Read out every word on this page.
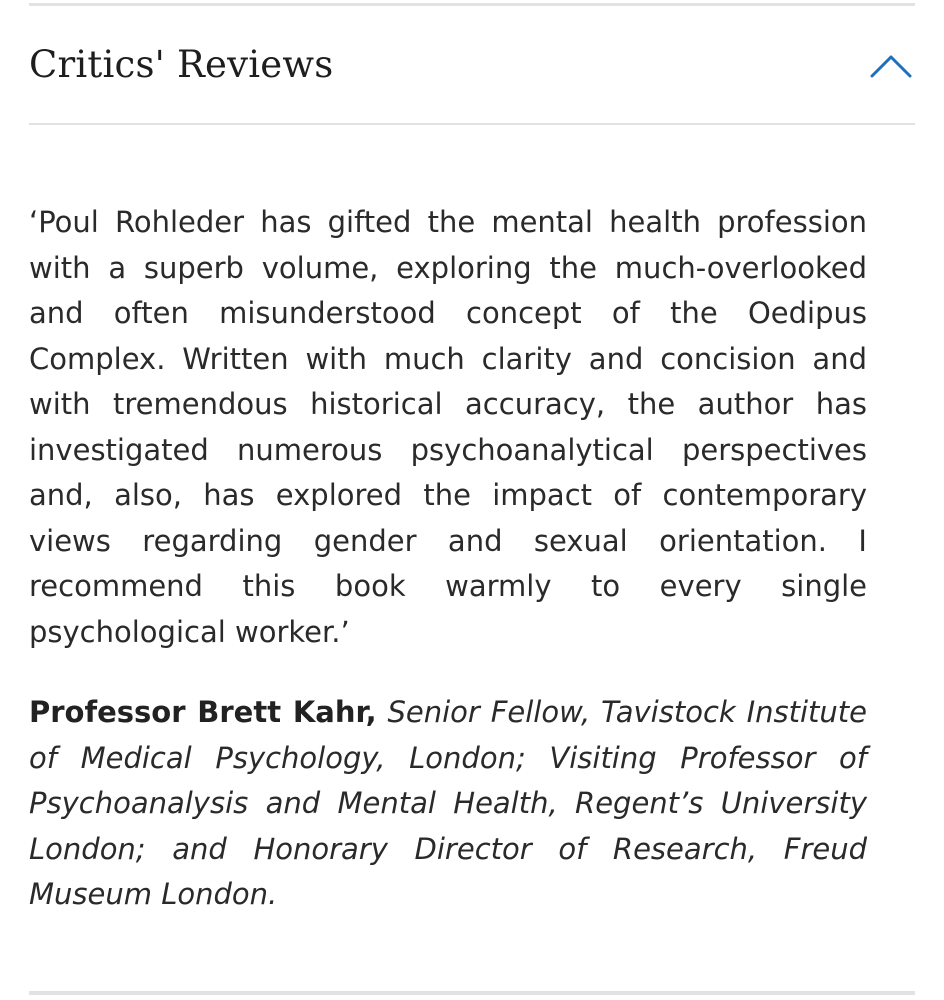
Critics' Reviews

‘Poul Rohleder has gifted the mental health profession with a superb volume, exploring the much-overlooked and often misunderstood concept of the Oedipus Complex. Written with much clarity and concision and with tremendous historical accuracy, the author has investigated numerous psychoanalytical perspectives and, also, has explored the impact of contemporary views regarding gender and sexual orientation. I recommend this book warmly to every single psychological worker.’

Professor Brett Kahr, Senior Fellow, Tavistock Institute of Medical Psychology, London; Visiting Professor of Psychoanalysis and Mental Health, Regent’s University London; and Honorary Director of Research, Freud Museum London.
